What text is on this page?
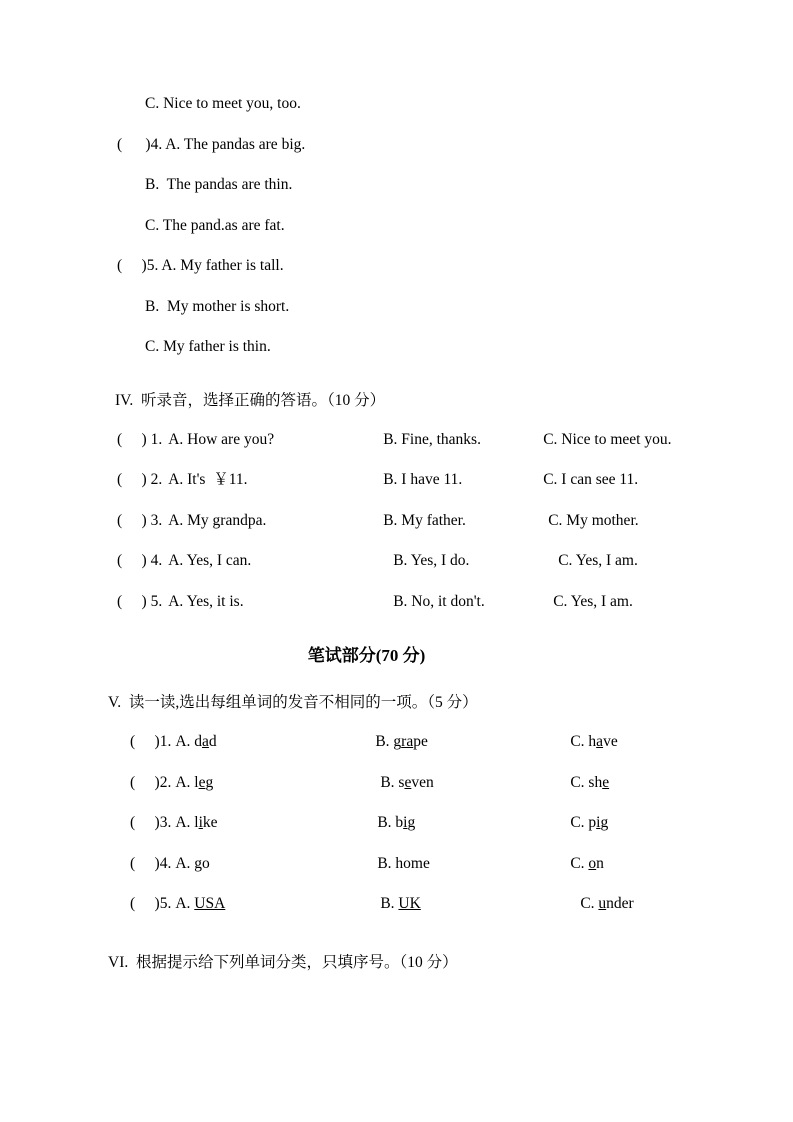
C. Nice to meet you, too.
(      )4. A. The pandas are big.
B.  The pandas are thin.
C. The pand.as are fat.
(     )5. A. My father is tall.
B.  My mother is short.
C. My father is thin.
IV.  听录音，选择正确的答语。（10 分）
(     ) 1. A. How are you?	B. Fine, thanks.	C. Nice to meet you.
(     ) 2. A. It's  ￥11.	B. I have 11.	C. I can see 11.
(     ) 3. A. My grandpa.	B. My father.	C. My mother.
(     ) 4. A. Yes, I can.	B. Yes, I do.	C. Yes, I am.
(     ) 5. A. Yes, it is.	B. No, it don't.	C. Yes, I am.
笔试部分(70 分)
V.  读一读,选出每组单词的发音不相同的一项。（5 分）
(     )1. A. dad	B. grape	C. have
(     )2. A. leg	B. seven	C. she
(     )3. A. like	B. big	C. pig
(     )4. A. go	B. home	C. on
(     )5. A. USA	B. UK	C. under
VI.  根据提示给下列单词分类，只填序号。（10 分）
